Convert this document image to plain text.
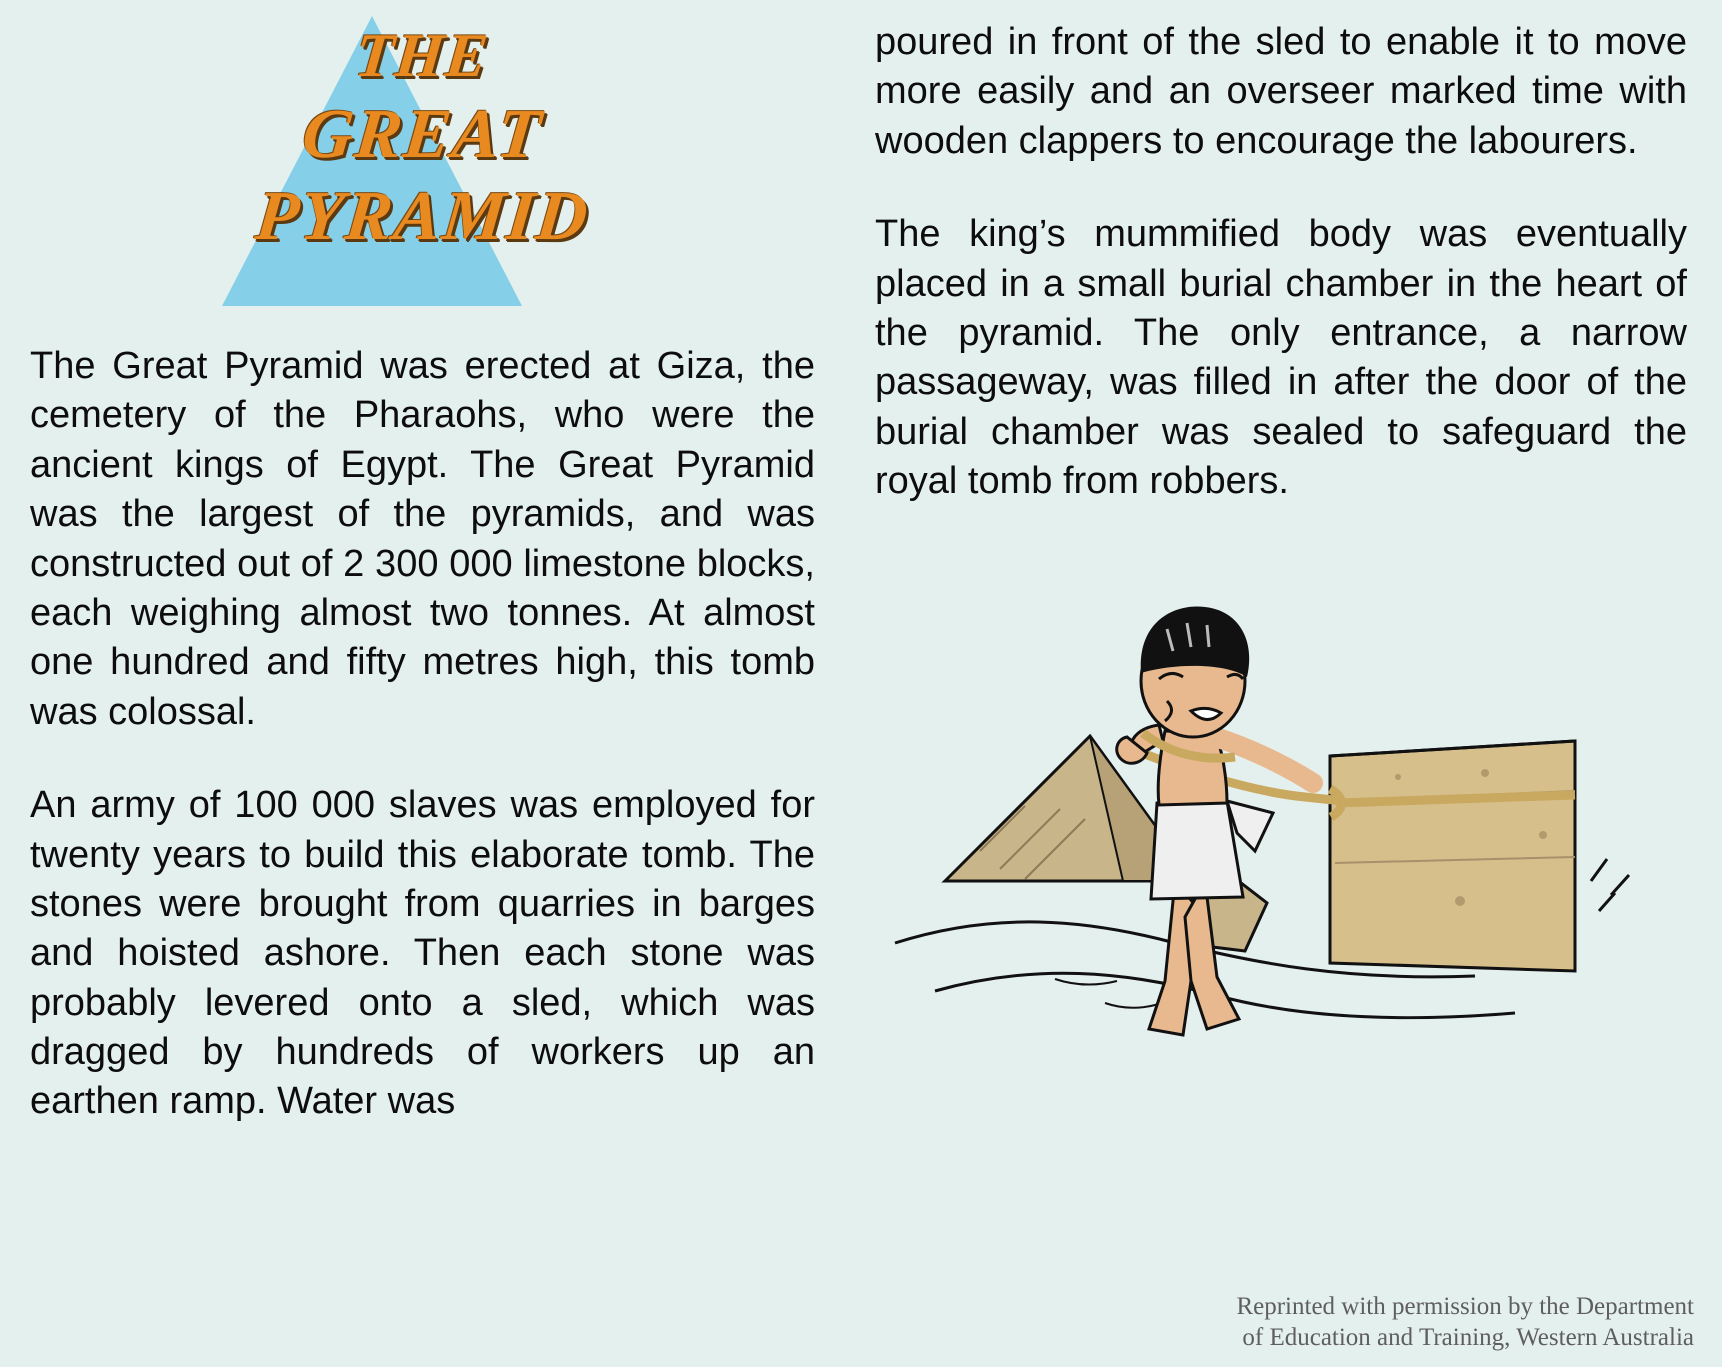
THE
GREAT
PYRAMID

The Great Pyramid was erected at Giza, the cemetery of the Pharaohs, who were the ancient kings of Egypt. The Great Pyramid was the largest of the pyramids, and was constructed out of 2 300 000 limestone blocks, each weighing almost two tonnes. At almost one hundred and fifty metres high, this tomb was colossal.

An army of 100 000 slaves was employed for twenty years to build this elaborate tomb. The stones were brought from quarries in barges and hoisted ashore. Then each stone was probably levered onto a sled, which was dragged by hundreds of workers up an earthen ramp. Water was

poured in front of the sled to enable it to move more easily and an overseer marked time with wooden clappers to encourage the labourers.

The king’s mummified body was eventually placed in a small burial chamber in the heart of the pyramid. The only entrance, a narrow passageway, was filled in after the door of the burial chamber was sealed to safeguard the royal tomb from robbers.

Reprinted with permission by the Department
of Education and Training, Western Australia
